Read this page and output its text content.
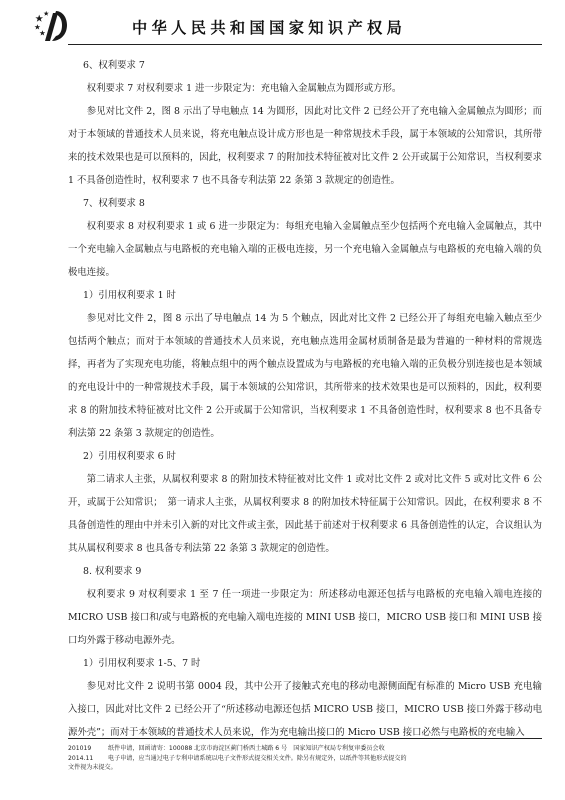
中华人民共和国国家知识产权局

6、权利要求 7

权利要求 7 对权利要求 1 进一步限定为：充电输入金属触点为圆形或方形。

参见对比文件 2，图 8 示出了导电触点 14 为圆形，因此对比文件 2 已经公开了充电输入金属触点为圆形；而对于本领域的普通技术人员来说，将充电触点设计成方形也是一种常规技术手段，属于本领域的公知常识，其所带来的技术效果也是可以预料的，因此，权利要求 7 的附加技术特征被对比文件 2 公开或属于公知常识，当权利要求 1 不具备创造性时，权利要求 7 也不具备专利法第 22 条第 3 款规定的创造性。

7、权利要求 8

权利要求 8 对权利要求 1 或 6 进一步限定为：每组充电输入金属触点至少包括两个充电输入金属触点，其中一个充电输入金属触点与电路板的充电输入端的正极电连接，另一个充电输入金属触点与电路板的充电输入端的负极电连接。

1）引用权利要求 1 时

参见对比文件 2，图 8 示出了导电触点 14 为 5 个触点，因此对比文件 2 已经公开了每组充电输入触点至少包括两个触点；而对于本领域的普通技术人员来说，充电触点选用金属材质制备是最为普遍的一种材料的常规选择，再者为了实现充电功能，将触点组中的两个触点设置成为与电路板的充电输入端的正负极分别连接也是本领域的充电设计中的一种常规技术手段，属于本领域的公知常识，其所带来的技术效果也是可以预料的，因此，权利要求 8 的附加技术特征被对比文件 2 公开或属于公知常识，当权利要求 1 不具备创造性时，权利要求 8 也不具备专利法第 22 条第 3 款规定的创造性。

2）引用权利要求 6 时

第二请求人主张，从属权利要求 8 的附加技术特征被对比文件 1 或对比文件 2 或对比文件 5 或对比文件 6 公开，或属于公知常识；　第一请求人主张，从属权利要求 8 的附加技术特征属于公知常识。因此，在权利要求 8 不具备创造性的理由中并未引入新的对比文件或主张，因此基于前述对于权利要求 6 具备创造性的认定，合议组认为其从属权利要求 8 也具备专利法第 22 条第 3 款规定的创造性。

8. 权利要求 9

权利要求 9 对权利要求 1 至 7 任一项进一步限定为：所述移动电源还包括与电路板的充电输入端电连接的 MICRO USB 接口和/或与电路板的充电输入端电连接的 MINI USB 接口，MICRO USB 接口和 MINI USB 接口均外露于移动电源外壳。

1）引用权利要求 1-5、7 时

参见对比文件 2 说明书第 0004 段，其中公开了接触式充电的移动电源侧面配有标准的 Micro USB 充电输入接口，因此对比文件 2 已经公开了“所述移动电源还包括 MICRO USB 接口，MICRO USB 接口外露于移动电源外壳”；而对于本领域的普通技术人员来说，作为充电输出接口的 Micro USB 接口必然与电路板的充电输入

201019	纸件申请，回函请寄：100088 北京市海淀区蓟门桥西土城路 6 号　国家知识产权局专利复审委员会收
2014.11	电子申请，应当通过电子专利申请系统以电子文件形式提交相关文件。除另有规定外，以纸件等其他形式提交的
文件视为未提交。
